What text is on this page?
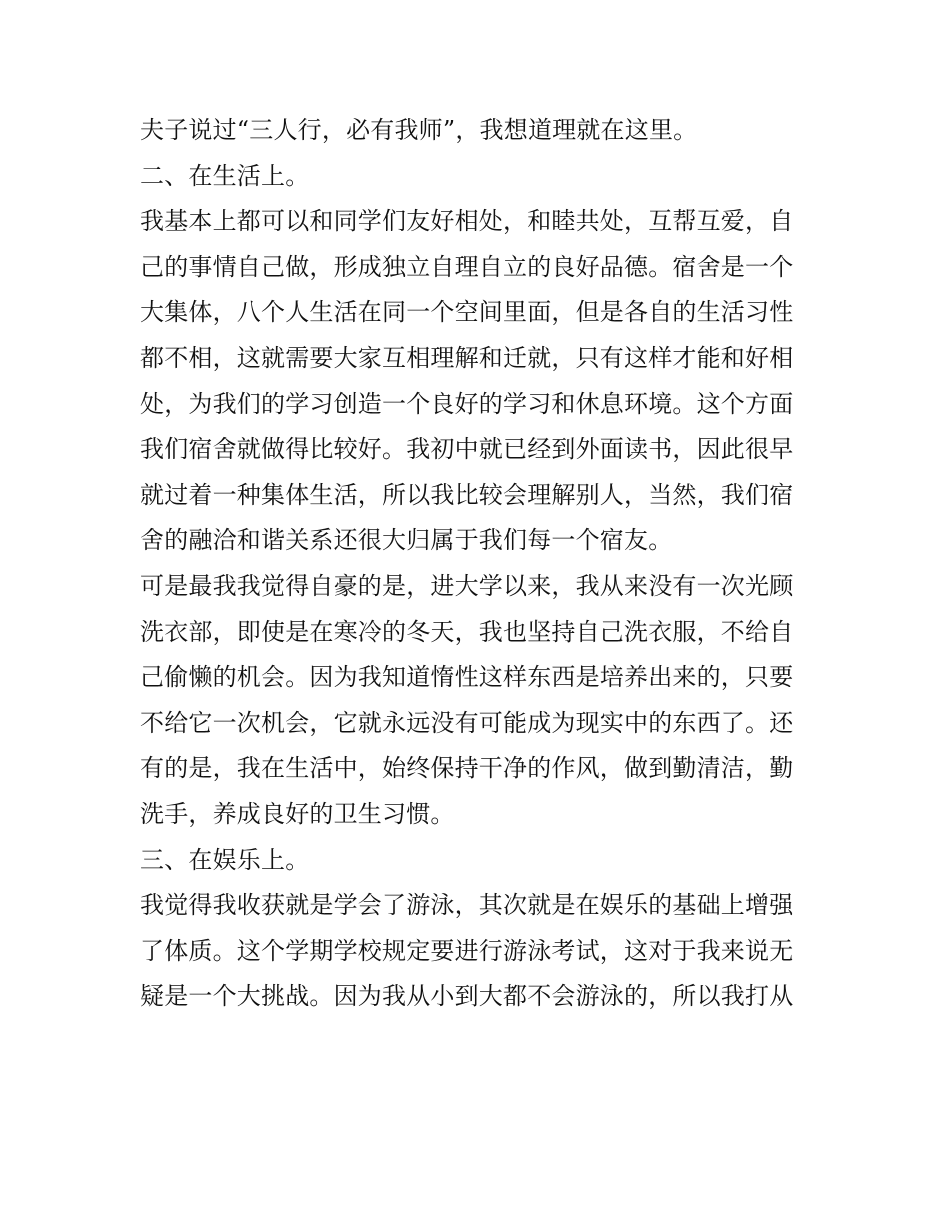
夫子说过“三人行，必有我师”，我想道理就在这里。
二、在生活上。
我基本上都可以和同学们友好相处，和睦共处，互帮互爱，自
己的事情自己做，形成独立自理自立的良好品德。宿舍是一个
大集体，八个人生活在同一个空间里面，但是各自的生活习性
都不相，这就需要大家互相理解和迁就，只有这样才能和好相
处，为我们的学习创造一个良好的学习和休息环境。这个方面
我们宿舍就做得比较好。我初中就已经到外面读书，因此很早
就过着一种集体生活，所以我比较会理解别人，当然，我们宿
舍的融洽和谐关系还很大归属于我们每一个宿友。
可是最我我觉得自豪的是，进大学以来，我从来没有一次光顾
洗衣部，即使是在寒冷的冬天，我也坚持自己洗衣服，不给自
己偷懒的机会。因为我知道惰性这样东西是培养出来的，只要
不给它一次机会，它就永远没有可能成为现实中的东西了。还
有的是，我在生活中，始终保持干净的作风，做到勤清洁，勤
洗手，养成良好的卫生习惯。
三、在娱乐上。
我觉得我收获就是学会了游泳，其次就是在娱乐的基础上增强
了体质。这个学期学校规定要进行游泳考试，这对于我来说无
疑是一个大挑战。因为我从小到大都不会游泳的，所以我打从
